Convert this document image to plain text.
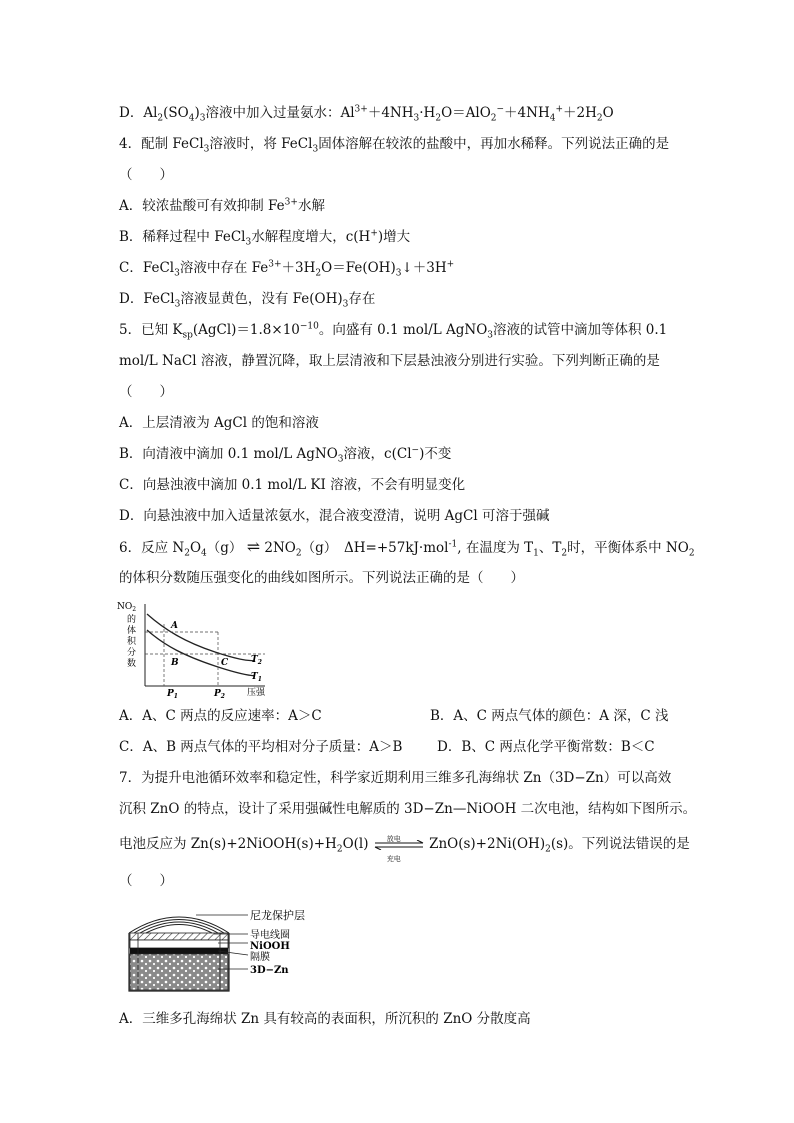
D．$Al_2(SO_4)_3$溶液中加入过量氨水：$Al^{3+}+4NH_3\cdot H_2O=AlO_2^-+4NH_4^++2H_2O$
4．配制 FeCl$_3$溶液时，将 FeCl$_3$固体溶解在较浓的盐酸中，再加水稀释。下列说法正确的是
（　　）
A．较浓盐酸可有效抑制 $Fe^{3+}$水解
B．稀释过程中 FeCl$_3$水解程度增大，c(H+)增大
C．FeCl$_3$溶液中存在 $Fe^{3+}+3H_2O=Fe(OH)_3↓+3H^+$
D．FeCl$_3$溶液显黄色，没有 $Fe(OH)_3$存在
5．已知 $K_{sp}(AgCl)=1.8\times 10^{-10}$。向盛有 0.1 mol/L AgNO$_3$溶液的试管中滴加等体积 0.1
mol/L NaCl 溶液，静置沉降，取上层清液和下层悬浊液分别进行实验。下列判断正确的是
（　　）
A．上层清液为 AgCl 的饱和溶液
B．向清液中滴加 0.1 mol/L AgNO$_3$溶液，c(Cl−)不变
C．向悬浊液中滴加 0.1 mol/L KI 溶液，不会有明显变化
D．向悬浊液中加入适量浓氨水，混合液变澄清，说明 AgCl 可溶于强碱
6．反应 $N_2O_4(g)$ ⇌ $2NO_2(g)$　ΔH=+57kJ·mol$^{-1}$, 在温度为 $T_1$、$T_2$时，平衡体系中 $NO_2$
的体积分数随压强变化的曲线如图所示。下列说法正确的是（　　）
$NO_2$
的
体
积
分
数
A
B	C	$T_2$
$T_1$
$P_1$	$P_2$ 压强
A．A、C 两点的反应速率：A＞C	B．A、C 两点气体的颜色：A 深，C 浅
C．A、B 两点气体的平均相对分子质量：A＞B	D．B、C 两点化学平衡常数：B＜C
7．为提升电池循环效率和稳定性，科学家近期利用三维多孔海绵状 Zn（3D−Zn）可以高效
沉积 ZnO 的特点，设计了采用强碱性电解质的 3D−Zn—NiOOH 二次电池，结构如下图所示。
电池反应为 $Zn(s)+2NiOOH(s)+H_2O(l)$	放电
充电
$ZnO(s)+2Ni(OH)_2(s)$。下列说法错误的是
（　　）
尼龙保护层
导电线圈
NiOOH
隔膜
3D−Zn
A．三维多孔海绵状 Zn 具有较高的表面积，所沉积的 ZnO 分散度高
